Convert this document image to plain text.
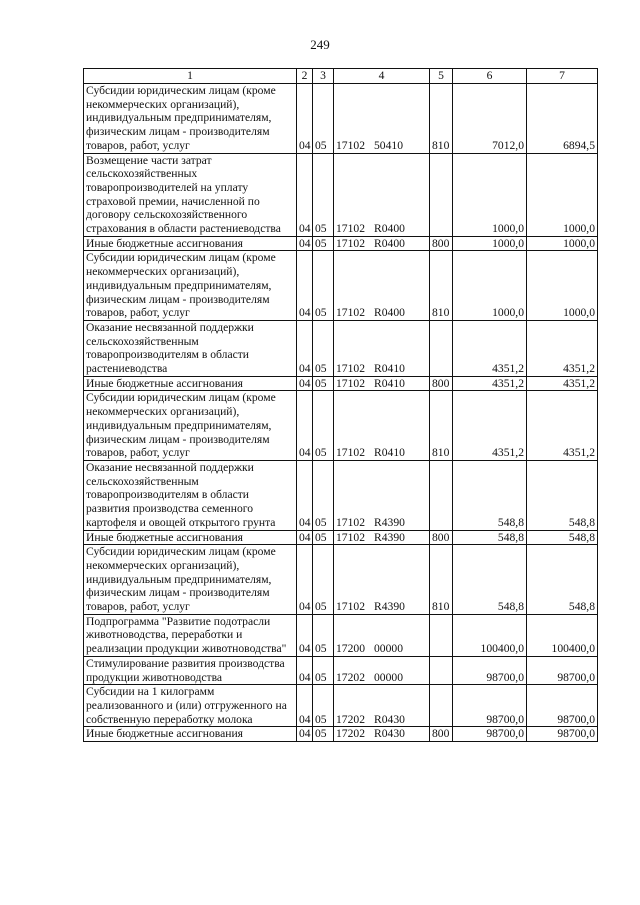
249
1	2	3	4	5	6	7
Субсидии юридическим лицам (кроме некоммерческих организаций), индивидуальным предпринимателям, физическим лицам - производителям товаров, работ, услуг	04	05	17102 50410	810	7012,0	6894,5
Возмещение части затрат сельскохозяйственных товаропроизводителей на уплату страховой премии, начисленной по договору сельскохозяйственного страхования в области растениеводства	04	05	17102 R0400		1000,0	1000,0
Иные бюджетные ассигнования	04	05	17102 R0400	800	1000,0	1000,0
Субсидии юридическим лицам (кроме некоммерческих организаций), индивидуальным предпринимателям, физическим лицам - производителям товаров, работ, услуг	04	05	17102 R0400	810	1000,0	1000,0
Оказание несвязанной поддержки сельскохозяйственным товаропроизводителям в области растениеводства	04	05	17102 R0410		4351,2	4351,2
Иные бюджетные ассигнования	04	05	17102 R0410	800	4351,2	4351,2
Субсидии юридическим лицам (кроме некоммерческих организаций), индивидуальным предпринимателям, физическим лицам - производителям товаров, работ, услуг	04	05	17102 R0410	810	4351,2	4351,2
Оказание несвязанной поддержки сельскохозяйственным товаропроизводителям в области развития производства семенного картофеля и овощей открытого грунта	04	05	17102 R4390		548,8	548,8
Иные бюджетные ассигнования	04	05	17102 R4390	800	548,8	548,8
Субсидии юридическим лицам (кроме некоммерческих организаций), индивидуальным предпринимателям, физическим лицам - производителям товаров, работ, услуг	04	05	17102 R4390	810	548,8	548,8
Подпрограмма "Развитие подотрасли животноводства, переработки и реализации продукции животноводства"	04	05	17200 00000		100400,0	100400,0
Стимулирование развития производства продукции животноводства	04	05	17202 00000		98700,0	98700,0
Субсидии на 1 килограмм реализованного и (или) отгруженного на собственную переработку молока	04	05	17202 R0430		98700,0	98700,0
Иные бюджетные ассигнования	04	05	17202 R0430	800	98700,0	98700,0
